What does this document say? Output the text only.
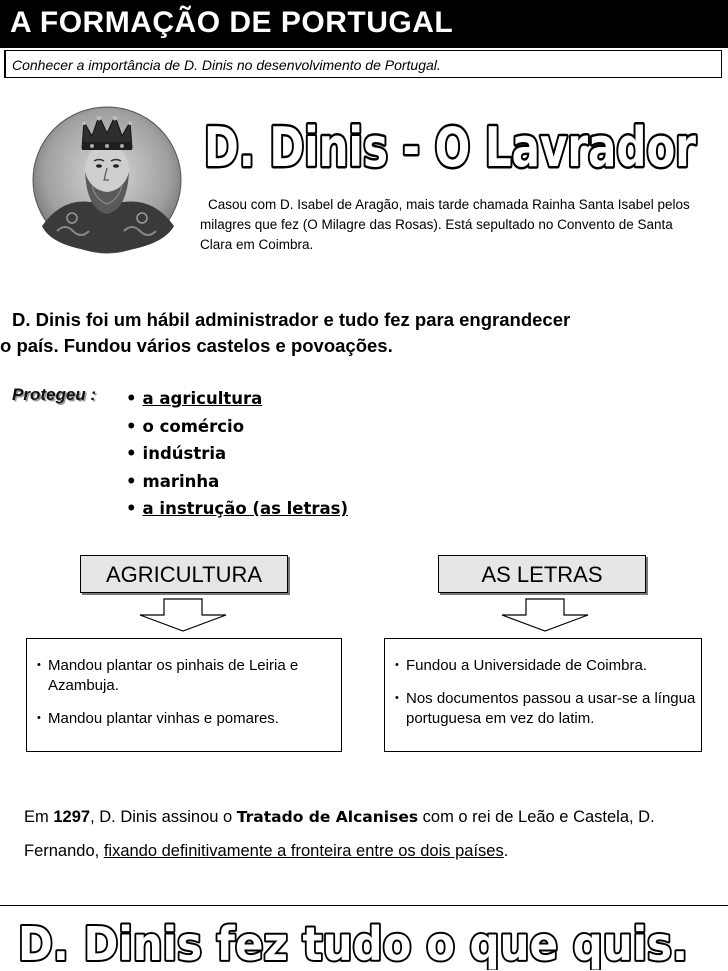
A FORMAÇÃO DE PORTUGAL
Conhecer a importância de D. Dinis no desenvolvimento de Portugal.
D. Dinis - O Lavrador
Casou com D. Isabel de Aragão, mais tarde chamada Rainha Santa Isabel pelos milagres que fez (O Milagre das Rosas). Está sepultado no Convento de Santa Clara em Coimbra.
D. Dinis foi um hábil administrador e tudo fez para engrandecer
o país. Fundou vários castelos e povoações.
Protegeu : • a agricultura
• o comércio
• indústria
• marinha
• a instrução (as letras)
AGRICULTURA	AS LETRAS
• Mandou plantar os pinhais de Leiria e Azambuja.
• Mandou plantar vinhas e pomares.
• Fundou a Universidade de Coimbra.
• Nos documentos passou a usar-se a língua portuguesa em vez do latim.
Em 1297, D. Dinis assinou o Tratado de Alcanises com o rei de Leão e Castela, D. Fernando, fixando definitivamente a fronteira entre os dois países.
D. Dinis fez tudo o que quis.
